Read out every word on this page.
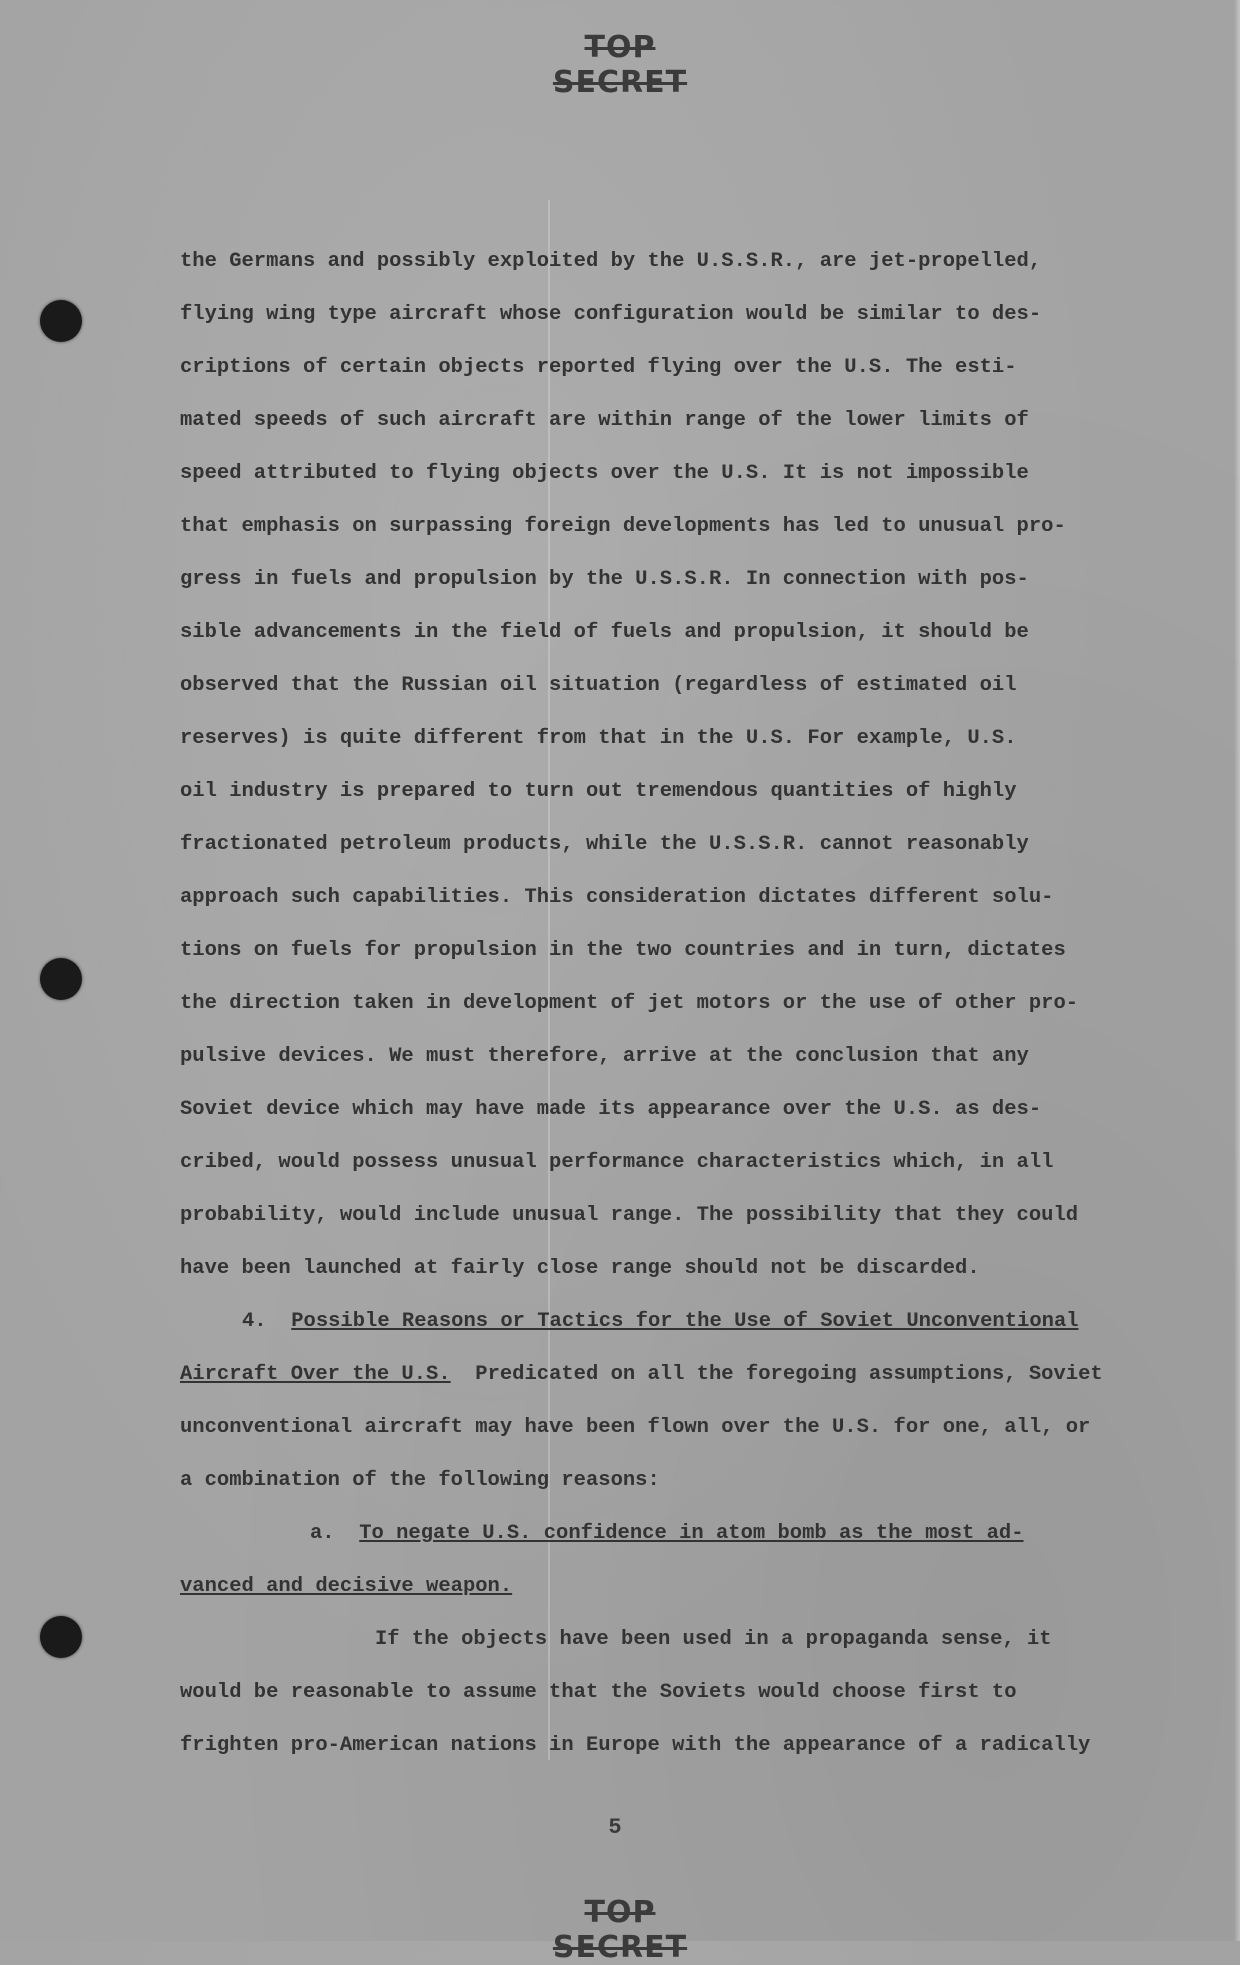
TOP SECRET
the Germans and possibly exploited by the U.S.S.R., are jet-propelled,
flying wing type aircraft whose configuration would be similar to des-
criptions of certain objects reported flying over the U.S. The esti-
mated speeds of such aircraft are within range of the lower limits of
speed attributed to flying objects over the U.S. It is not impossible
that emphasis on surpassing foreign developments has led to unusual pro-
gress in fuels and propulsion by the U.S.S.R. In connection with pos-
sible advancements in the field of fuels and propulsion, it should be
observed that the Russian oil situation (regardless of estimated oil
reserves) is quite different from that in the U.S. For example, U.S.
oil industry is prepared to turn out tremendous quantities of highly
fractionated petroleum products, while the U.S.S.R. cannot reasonably
approach such capabilities. This consideration dictates different solu-
tions on fuels for propulsion in the two countries and in turn, dictates
the direction taken in development of jet motors or the use of other pro-
pulsive devices. We must therefore, arrive at the conclusion that any
Soviet device which may have made its appearance over the U.S. as des-
cribed, would possess unusual performance characteristics which, in all
probability, would include unusual range. The possibility that they could
have been launched at fairly close range should not be discarded.
4. Possible Reasons or Tactics for the Use of Soviet Unconventional
Aircraft Over the U.S. Predicated on all the foregoing assumptions, Soviet
unconventional aircraft may have been flown over the U.S. for one, all, or
a combination of the following reasons:
a. To negate U.S. confidence in atom bomb as the most ad-
vanced and decisive weapon.
If the objects have been used in a propaganda sense, it
would be reasonable to assume that the Soviets would choose first to
frighten pro-American nations in Europe with the appearance of a radically
5
TOP SECRET
